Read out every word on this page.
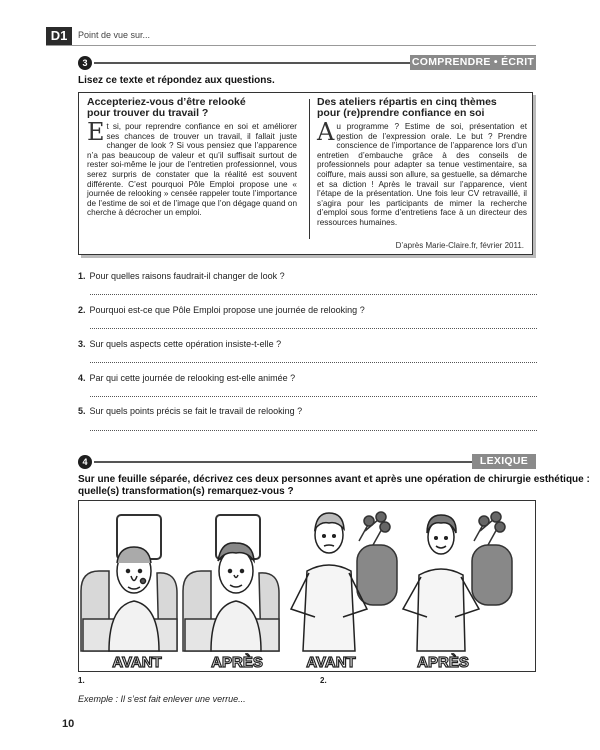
D1	Point de vue sur...
3	COMPRENDRE • ÉCRIT
Lisez ce texte et répondez aux questions.
Accepteriez-vous d’être relooké
pour trouver du travail ?
Et si, pour reprendre confiance en soi et améliorer ses chances de trouver un travail, il fallait juste changer de look ? Si vous pensiez que l’apparence n’a pas beaucoup de valeur et qu’il suffisait surtout de rester soi-même le jour de l’entretien professionnel, vous serez surpris de constater que la réalité est souvent différente. C’est pourquoi Pôle Emploi propose une « journée de relooking » censée rappeler toute l’importance de l’estime de soi et de l’image que l’on dégage quand on cherche à décrocher un emploi.
Des ateliers répartis en cinq thèmes
pour (re)prendre confiance en soi
Au programme ? Estime de soi, présentation et gestion de l’expression orale. Le but ? Prendre conscience de l’importance de l’apparence lors d’un entretien d’embauche grâce à des conseils de professionnels pour adapter sa tenue vestimentaire, sa coiffure, mais aussi son allure, sa gestuelle, sa démarche et sa diction ! Après le travail sur l’apparence, vient l’étape de la présentation. Une fois leur CV retravaillé, il s’agira pour les participants de mimer la recherche d’emploi sous forme d’entretiens face à un directeur des ressources humaines.
D’après Marie-Claire.fr, février 2011.
1. Pour quelles raisons faudrait-il changer de look ?
2. Pourquoi est-ce que Pôle Emploi propose une journée de relooking ?
3. Sur quels aspects cette opération insiste-t-elle ?
4. Par qui cette journée de relooking est-elle animée ?
5. Sur quels points précis se fait le travail de relooking ?
4	LEXIQUE
Sur une feuille séparée, décrivez ces deux personnes avant et après une opération de chirurgie esthétique :
quelle(s) transformation(s) remarquez-vous ?
AVANT	APRÈS	AVANT	APRÈS
1.	2.
Exemple : Il s’est fait enlever une verrue...
10
